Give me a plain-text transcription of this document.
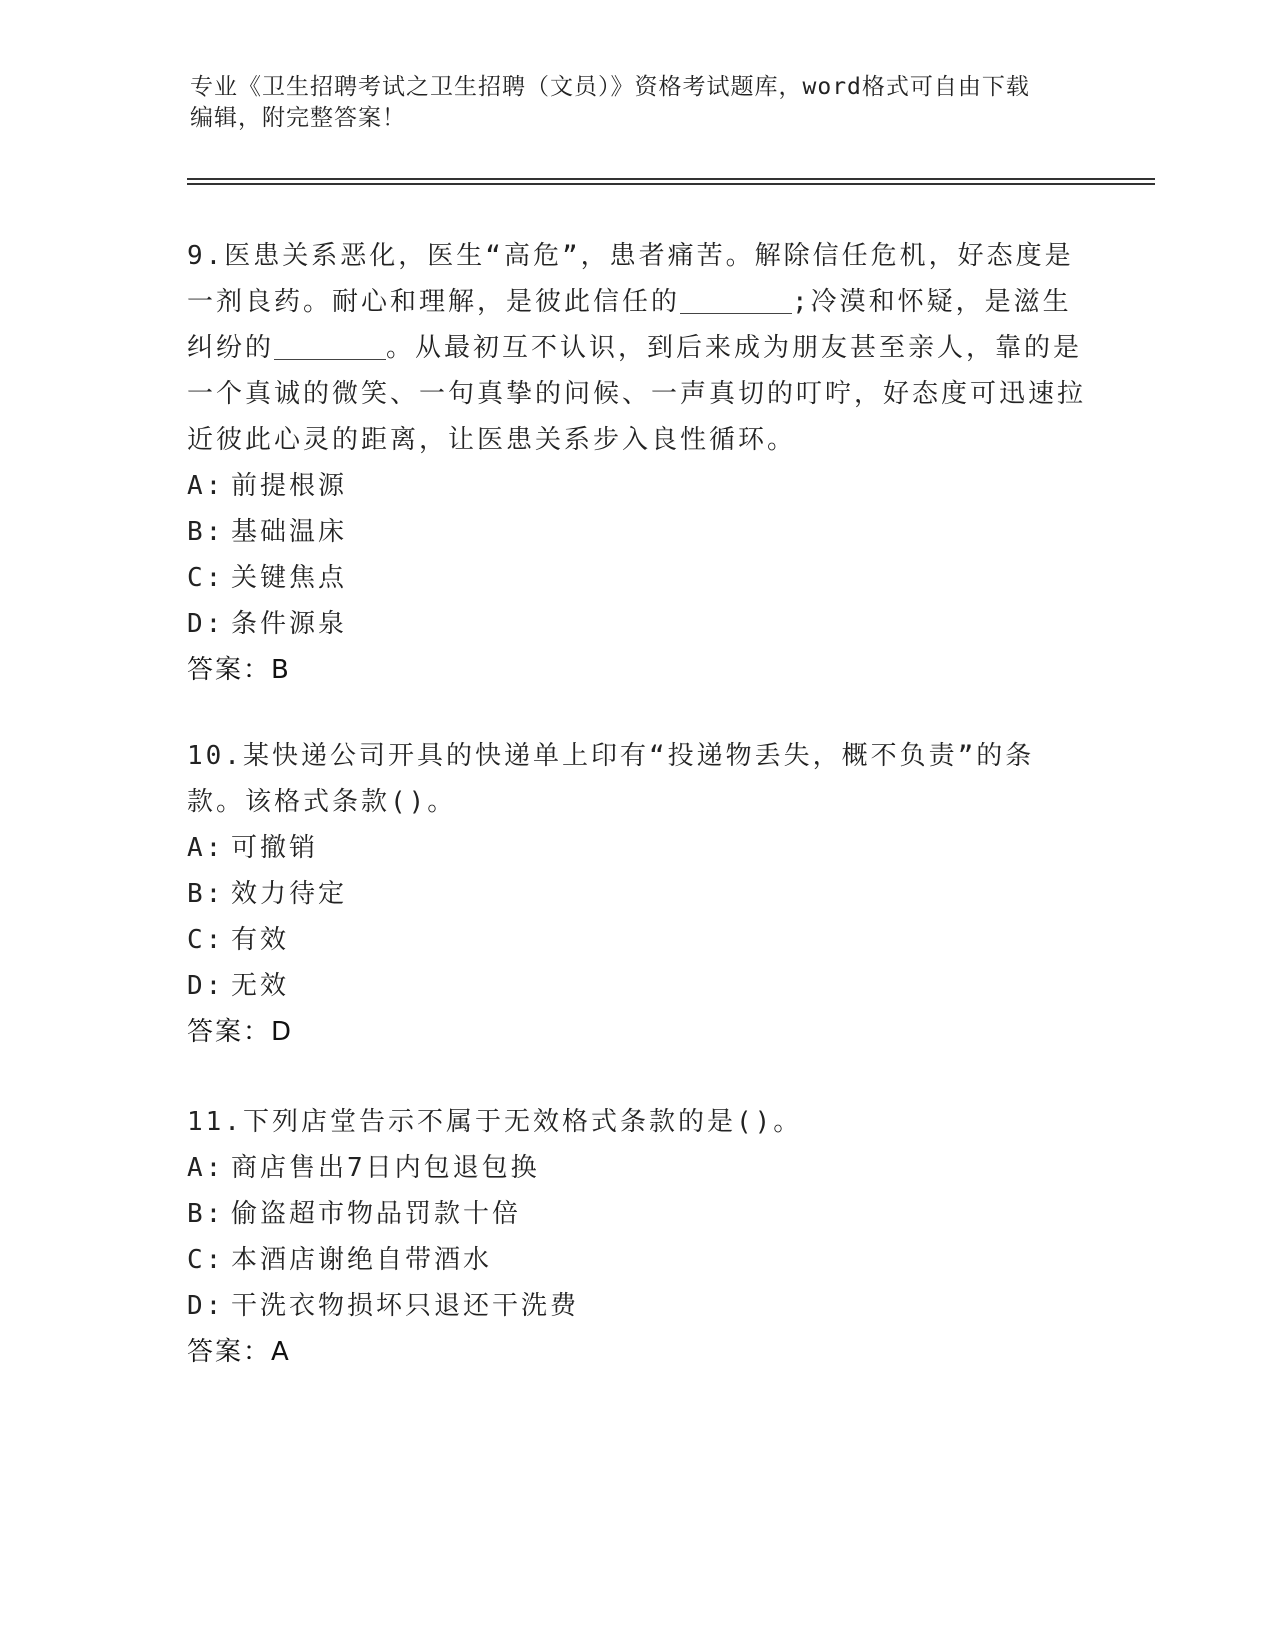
专业《卫生招聘考试之卫生招聘（文员）》资格考试题库，word格式可自由下载
编辑，附完整答案！

9.医患关系恶化，医生“高危”，患者痛苦。解除信任危机，好态度是一剂良药。耐心和理解，是彼此信任的	;冷漠和怀疑，是滋生纠纷的	。从最初互不认识，到后来成为朋友甚至亲人，靠的是一个真诚的微笑、一句真挚的问候、一声真切的叮咛，好态度可迅速拉近彼此心灵的距离，让医患关系步入良性循环。

A: 前提根源

B: 基础温床

C: 关键焦点

D: 条件源泉

答案：B

10.某快递公司开具的快递单上印有“投递物丢失，概不负责”的条款。该格式条款()。

A: 可撤销

B: 效力待定

C: 有效

D: 无效

答案：D

11.下列店堂告示不属于无效格式条款的是()。

A: 商店售出7日内包退包换

B: 偷盗超市物品罚款十倍

C: 本酒店谢绝自带酒水

D: 干洗衣物损坏只退还干洗费

答案：A
